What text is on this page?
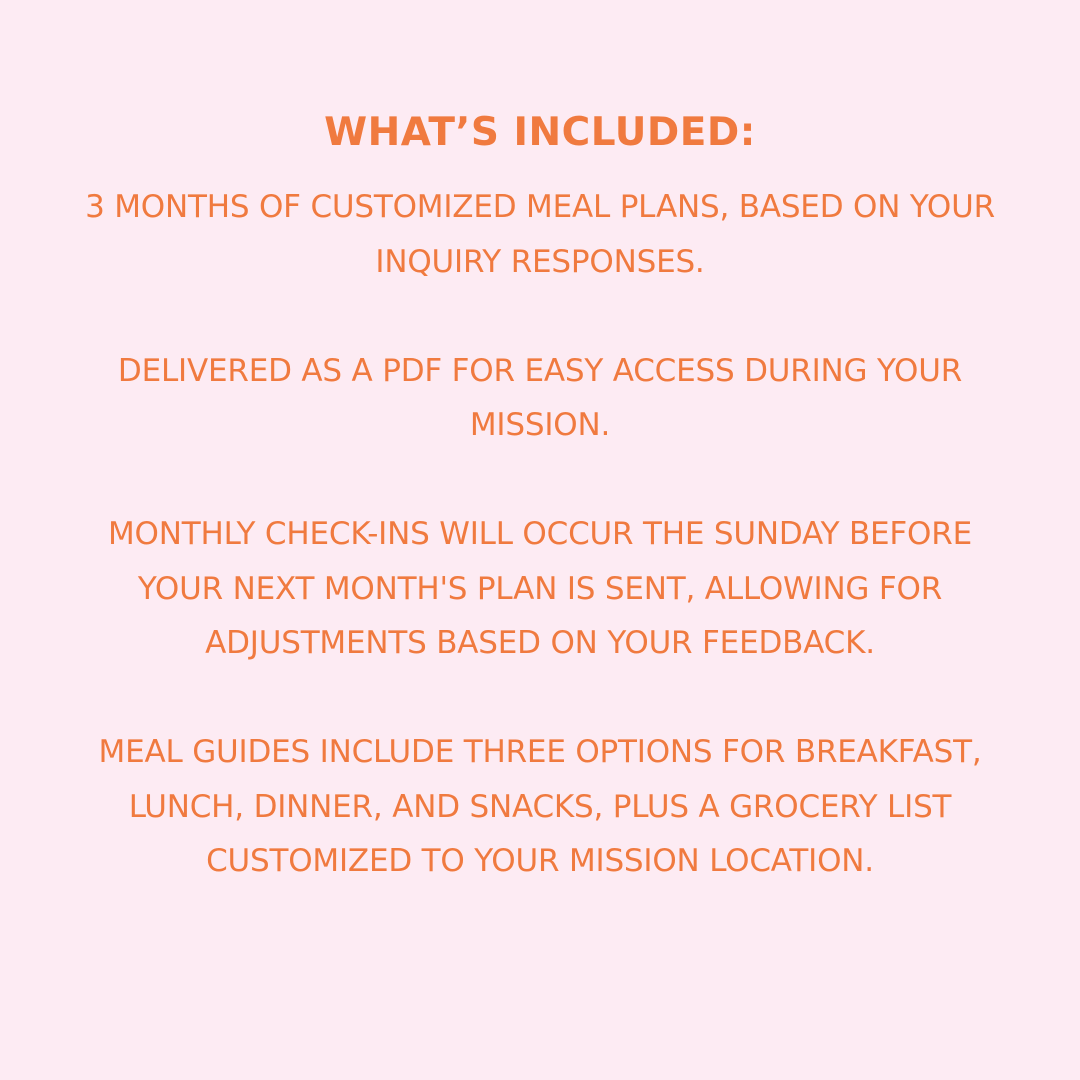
WHAT’S INCLUDED:
3 MONTHS OF CUSTOMIZED MEAL PLANS, BASED ON YOUR INQUIRY RESPONSES.
DELIVERED AS A PDF FOR EASY ACCESS DURING YOUR MISSION.
MONTHLY CHECK-INS WILL OCCUR THE SUNDAY BEFORE YOUR NEXT MONTH'S PLAN IS SENT, ALLOWING FOR ADJUSTMENTS BASED ON YOUR FEEDBACK.
MEAL GUIDES INCLUDE THREE OPTIONS FOR BREAKFAST, LUNCH, DINNER, AND SNACKS, PLUS A GROCERY LIST CUSTOMIZED TO YOUR MISSION LOCATION.
